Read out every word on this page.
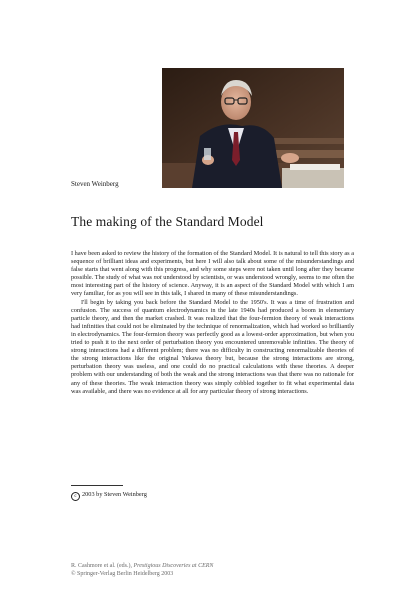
Steven Weinberg
The making of the Standard Model

I have been asked to review the history of the formation of the Standard Model. It is natural to tell this story as a sequence of brilliant ideas and experiments, but here I will also talk about some of the misunderstandings and false starts that went along with this progress, and why some steps were not taken until long after they became possible. The study of what was not understood by scientists, or was understood wrongly, seems to me often the most interesting part of the history of science. Anyway, it is an aspect of the Standard Model with which I am very familiar, for as you will see in this talk, I shared in many of these misunderstandings.

I'll begin by taking you back before the Standard Model to the 1950's. It was a time of frustration and confusion. The success of quantum electrodynamics in the late 1940s had produced a boom in elementary particle theory, and then the market crashed. It was realized that the four-fermion theory of weak interactions had infinities that could not be eliminated by the technique of renormalization, which had worked so brilliantly in electrodynamics. The four-fermion theory was perfectly good as a lowest-order approximation, but when you tried to push it to the next order of perturbation theory you encountered unremovable infinities. The theory of strong interactions had a different problem; there was no difficulty in constructing renormalizable theories of the strong interactions like the original Yukawa theory but, because the strong interactions are strong, perturbation theory was useless, and one could do no practical calculations with these theories. A deeper problem with our understanding of both the weak and the strong interactions was that there was no rationale for any of these theories. The weak interaction theory was simply cobbled together to fit what experimental data was available, and there was no evidence at all for any particular theory of strong interactions.

c 2003 by Steven Weinberg
R. Cashmore et al. (eds.), Prestigious Discoveries at CERN
© Springer-Verlag Berlin Heidelberg 2003
